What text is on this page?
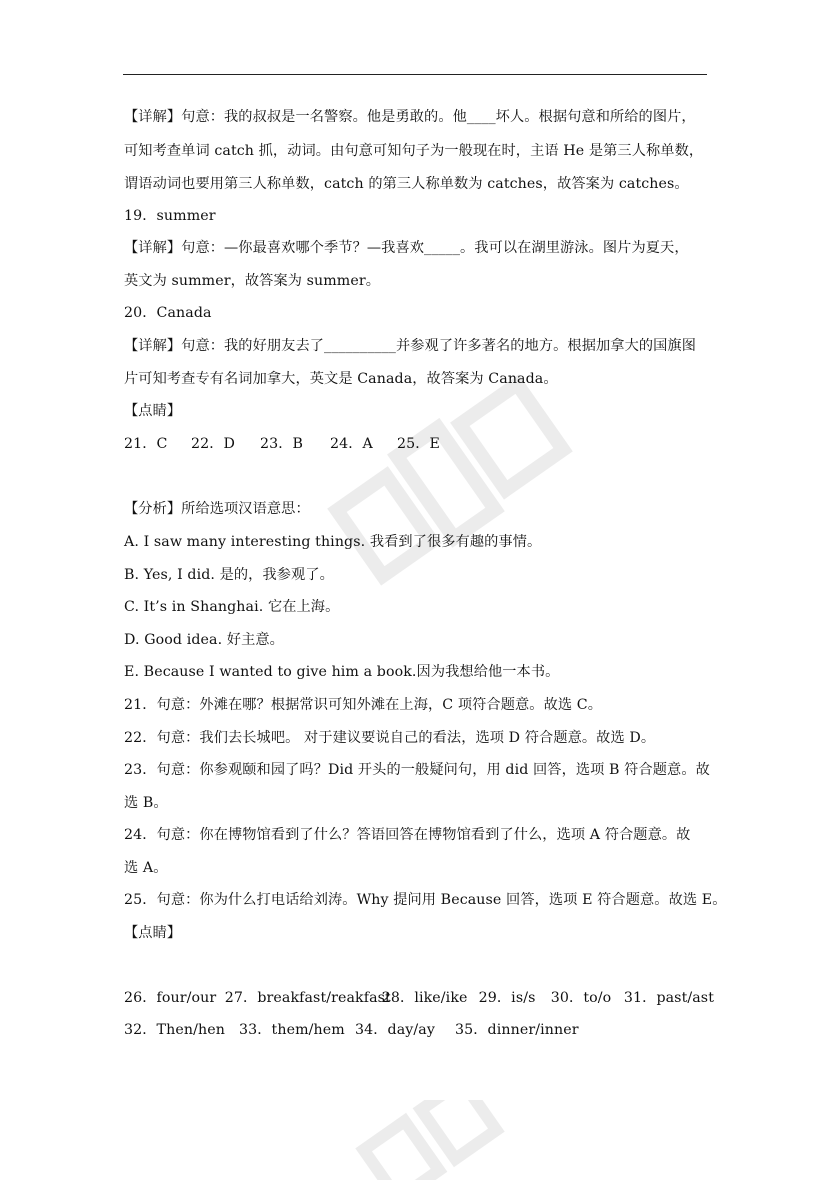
【详解】句意：我的叔叔是一名警察。他是勇敢的。他____坏人。根据句意和所给的图片，
可知考查单词 catch 抓，动词。由句意可知句子为一般现在时，主语 He 是第三人称单数，
谓语动词也要用第三人称单数，catch 的第三人称单数为 catches，故答案为 catches。
19．summer
【详解】句意：—你最喜欢哪个季节？—我喜欢_____。我可以在湖里游泳。图片为夏天，
英文为 summer，故答案为 summer。
20．Canada
【详解】句意：我的好朋友去了__________并参观了许多著名的地方。根据加拿大的国旗图
片可知考查专有名词加拿大，英文是 Canada，故答案为 Canada。
【点睛】
21．C	22．D	23．B	24．A	25．E
【分析】所给选项汉语意思：
A. I saw many interesting things. 我看到了很多有趣的事情。
B. Yes, I did. 是的，我参观了。
C. It’s in Shanghai. 它在上海。
D. Good idea. 好主意。
E. Because I wanted to give him a book.因为我想给他一本书。
21．句意：外滩在哪？根据常识可知外滩在上海，C 项符合题意。故选 C。
22．句意：我们去长城吧。 对于建议要说自己的看法，选项 D 符合题意。故选 D。
23．句意：你参观颐和园了吗？Did 开头的一般疑问句，用 did 回答，选项 B 符合题意。故
选 B。
24．句意：你在博物馆看到了什么？答语回答在博物馆看到了什么，选项 A 符合题意。故
选 A。
25．句意：你为什么打电话给刘涛。Why 提问用 Because 回答，选项 E 符合题意。故选 E。
【点睛】
26．four/our 27．breakfast/reakfast
28．like/ike 29．is/s	30．to/o 31．past/ast
32．Then/hen 33．them/hem 34．day/ay	35．dinner/inner
